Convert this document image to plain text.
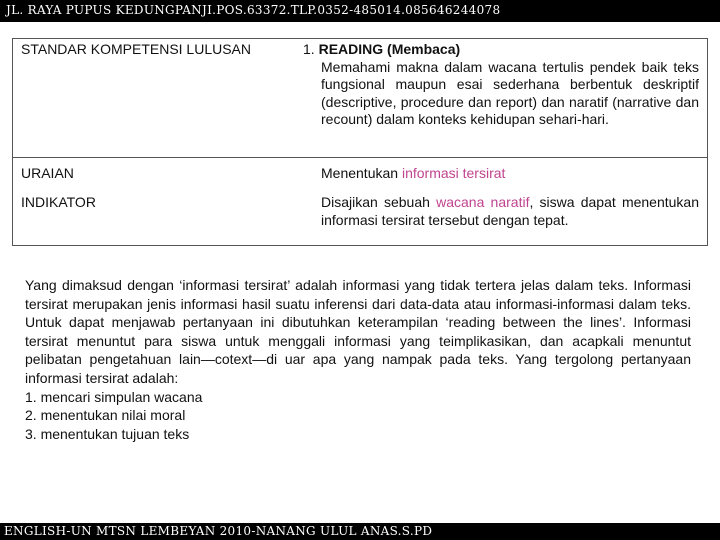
JL. RAYA PUPUS KEDUNGPANJI.POS.63372.TLP.0352-485014.085646244078
STANDAR KOMPETENSI LULUSAN	1. READING (Membaca)
Memahami makna dalam wacana tertulis pendek baik teks fungsional maupun esai sederhana berbentuk deskriptif (descriptive, procedure dan report) dan naratif (narrative dan recount) dalam konteks kehidupan sehari-hari.
URAIAN	Menentukan informasi tersirat
INDIKATOR	Disajikan sebuah wacana naratif, siswa dapat menentukan informasi tersirat tersebut dengan tepat.
Yang dimaksud dengan ‘informasi tersirat’ adalah informasi yang tidak tertera jelas dalam teks. Informasi tersirat merupakan jenis informasi hasil suatu inferensi dari data-data atau informasi-informasi dalam teks. Untuk dapat menjawab pertanyaan ini dibutuhkan keterampilan ‘reading between the lines’. Informasi tersirat menuntut para siswa untuk menggali informasi yang teimplikasikan, dan acapkali menuntut pelibatan pengetahuan lain—cotext—di uar apa yang nampak pada teks. Yang tergolong pertanyaan informasi tersirat adalah:
1. mencari simpulan wacana
2. menentukan nilai moral
3. menentukan tujuan teks
ENGLISH-UN MTSN LEMBEYAN 2010-NANANG ULUL ANAS.S.PD
